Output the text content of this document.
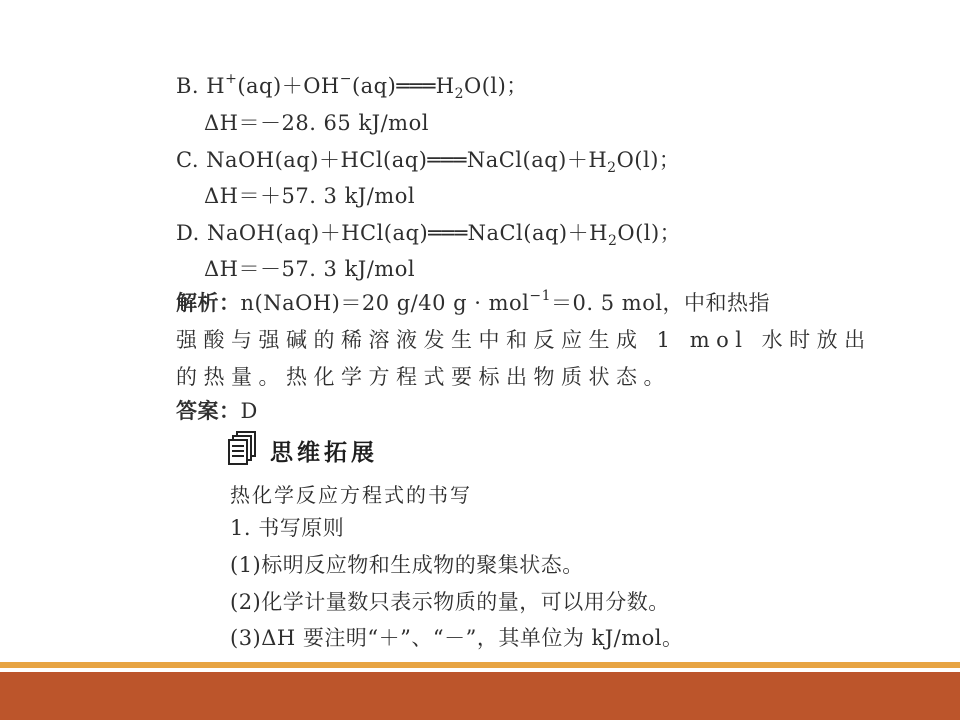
B. $H^+(aq)+OH^-(aq)═══H_2O(l)$；
ΔH＝－28. 65 kJ/mol
C. $NaOH(aq)+HCl(aq)═══NaCl(aq)+H_2O(l)$；
ΔH＝＋57. 3 kJ/mol
D. $NaOH(aq)+HCl(aq)═══NaCl(aq)+H_2O(l)$；
ΔH＝－57. 3 kJ/mol
解析：n(NaOH)＝20 g/40 g · mol$^{-1}$＝0. 5 mol，中和热指
强酸与强碱的稀溶液发生中和反应生成 1 mol 水时放出
的热量。热化学方程式要标出物质状态。
答案：D
思维拓展
热化学反应方程式的书写
1. 书写原则
(1)标明反应物和生成物的聚集状态。
(2)化学计量数只表示物质的量，可以用分数。
(3)ΔH 要注明“＋”、“－”，其单位为 kJ/mol。
